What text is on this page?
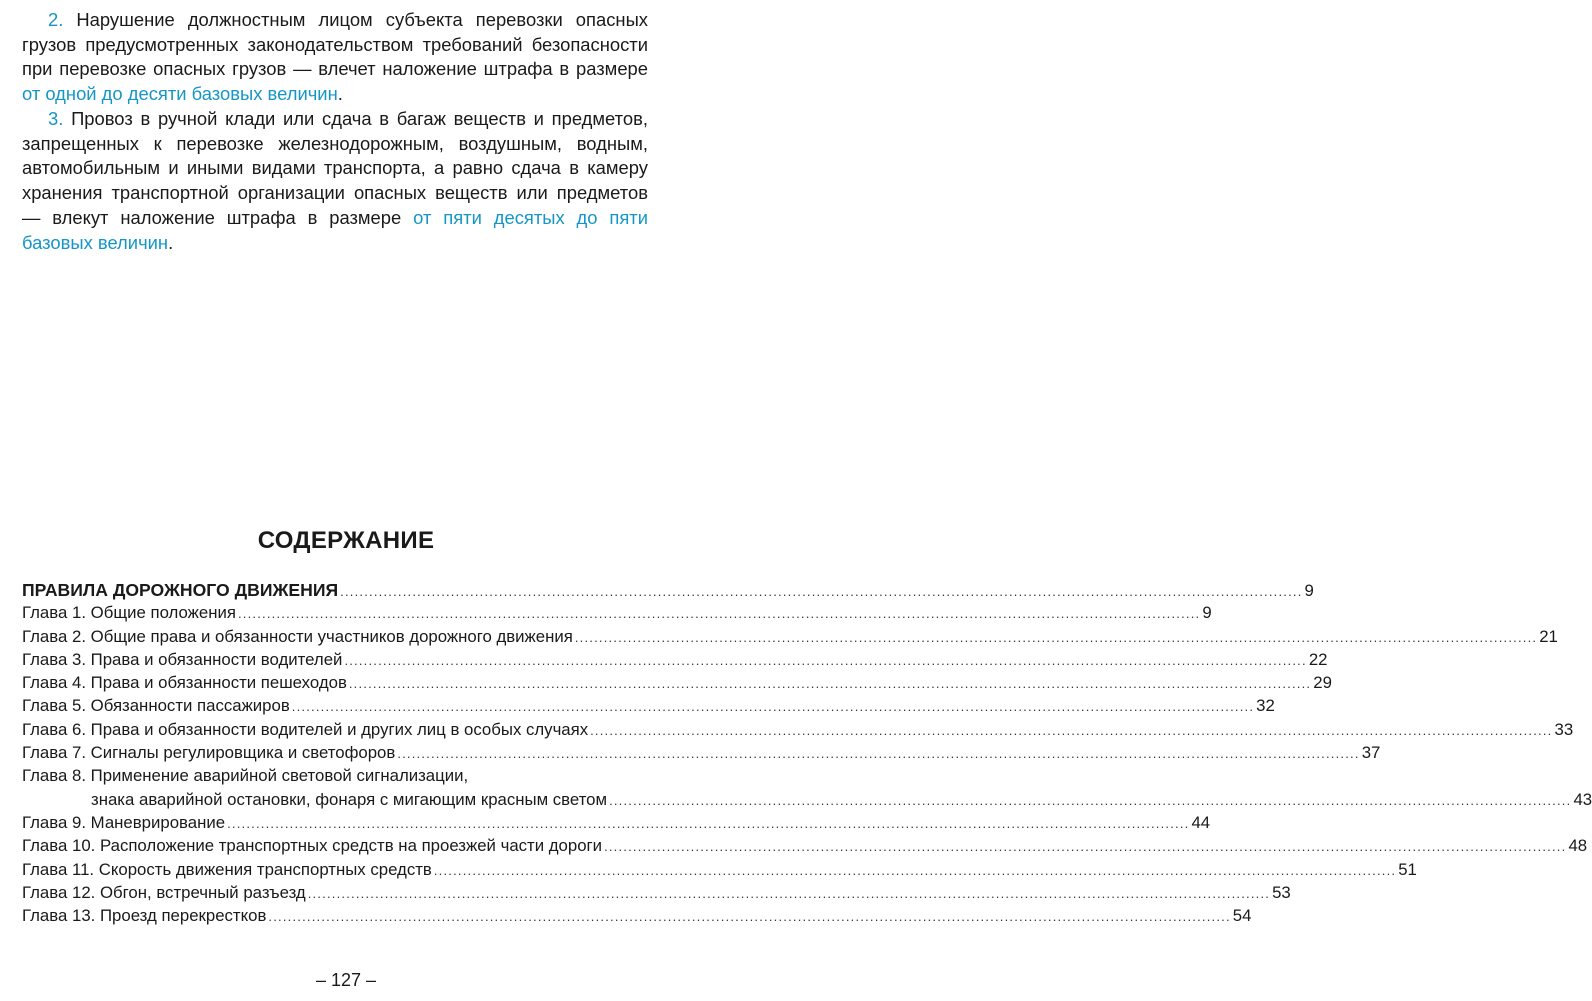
2. Нарушение должностным лицом субъекта перевозки опасных грузов предусмотренных законодательством требований безопасности при перевозке опасных грузов — влечет наложение штрафа в размере от одной до десяти базовых величин.

3. Провоз в ручной клади или сдача в багаж веществ и предметов, запрещенных к перевозке железнодорожным, воздушным, водным, автомобильным и иными видами транспорта, а равно сдача в камеру хранения транспортной организации опасных веществ или предметов — влекут наложение штрафа в размере от пяти десятых до пяти базовых величин.

СОДЕРЖАНИЕ
ПРАВИЛА ДОРОЖНОГО ДВИЖЕНИЯ ........................................................................................................................................................................................................ 9
Глава 1. Общие положения ........................................................................................................................................................................................................ 9
Глава 2. Общие права и обязанности участников дорожного движения ........................................................................................................................................................................................................ 21
Глава 3. Права и обязанности водителей ........................................................................................................................................................................................................ 22
Глава 4. Права и обязанности пешеходов ........................................................................................................................................................................................................ 29
Глава 5. Обязанности пассажиров ........................................................................................................................................................................................................ 32
Глава 6. Права и обязанности водителей и других лиц в особых случаях ........................................................................................................................................................................................................ 33
Глава 7. Сигналы регулировщика и светофоров ........................................................................................................................................................................................................ 37
Глава 8. Применение аварийной световой сигнализации,
знака аварийной остановки, фонаря с мигающим красным светом ........................................................................................................................................................................................................ 43
Глава 9. Маневрирование ........................................................................................................................................................................................................ 44
Глава 10. Расположение транспортных средств на проезжей части дороги ........................................................................................................................................................................................................ 48
Глава 11. Скорость движения транспортных средств ........................................................................................................................................................................................................ 51
Глава 12. Обгон, встречный разъезд ........................................................................................................................................................................................................ 53
Глава 13. Проезд перекрестков ........................................................................................................................................................................................................ 54
– 127 –
